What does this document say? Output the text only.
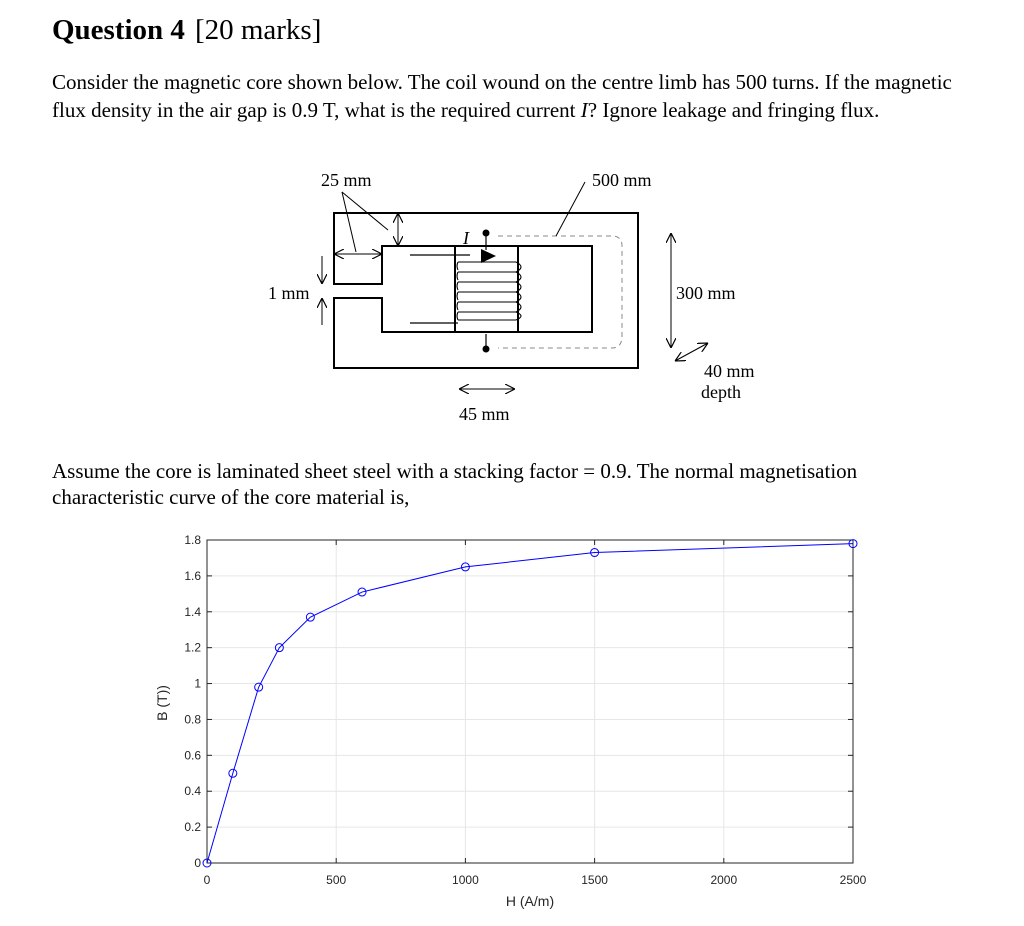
Question 4 [20 marks]

Consider the magnetic core shown below. The coil wound on the centre limb has 500 turns. If the magnetic flux density in the air gap is 0.9 T, what is the required current I? Ignore leakage and fringing flux.

25 mm	500 mm
1 mm	300 mm
40 mm
depth
45 mm
I

Assume the core is laminated sheet steel with a stacking factor = 0.9. The normal magnetisation characteristic curve of the core material is,

0	500	1000	1500	2000	2500
0
0.2
0.4
0.6
0.8
1
1.2
1.4
1.6
1.8
H (A/m)
B (T))
